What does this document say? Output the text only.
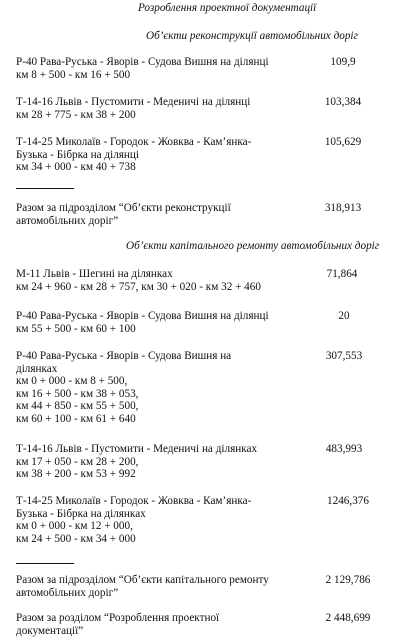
Розроблення проектної документації
Об’єкти реконструкції автомобільних доріг
Р-40 Рава-Руська - Яворів - Судова Вишня на ділянці
км 8 + 500 - км 16 + 500
109,9
Т-14-16 Львів - Пустомити - Меденичі на ділянці
км 28 + 775 - км 38 + 200
103,384
Т-14-25 Миколаїв - Городок - Жовква - Кам’янка-
Бузька - Бібрка на ділянці
км 34 + 000 - км 40 + 738
105,629
Разом за підрозділом “Об’єкти реконструкції
автомобільних доріг”
318,913
Об’єкти капітального ремонту автомобільних доріг
М-11 Львів - Шегині на ділянках
км 24 + 960 - км 28 + 757, км 30 + 020 - км 32 + 460
71,864
Р-40 Рава-Руська - Яворів - Судова Вишня на ділянці
км 55 + 500 - км 60 + 100
20
Р-40 Рава-Руська - Яворів - Судова Вишня на
ділянках
км 0 + 000 - км 8 + 500,
км 16 + 500 - км 38 + 053,
км 44 + 850 - км 55 + 500,
км 60 + 100 - км 61 + 640
307,553
Т-14-16 Львів - Пустомити - Меденичі на ділянках
км 17 + 050 - км 28 + 200,
км 38 + 200 - км 53 + 992
483,993
Т-14-25 Миколаїв - Городок - Жовква - Кам’янка-
Бузька - Бібрка на ділянках
км 0 + 000 - км 12 + 000,
км 24 + 500 - км 34 + 000
1246,376
Разом за підрозділом “Об’єкти капітального ремонту
автомобільних доріг”
2 129,786
Разом за розділом “Розроблення проектної
документації”
2 448,699
